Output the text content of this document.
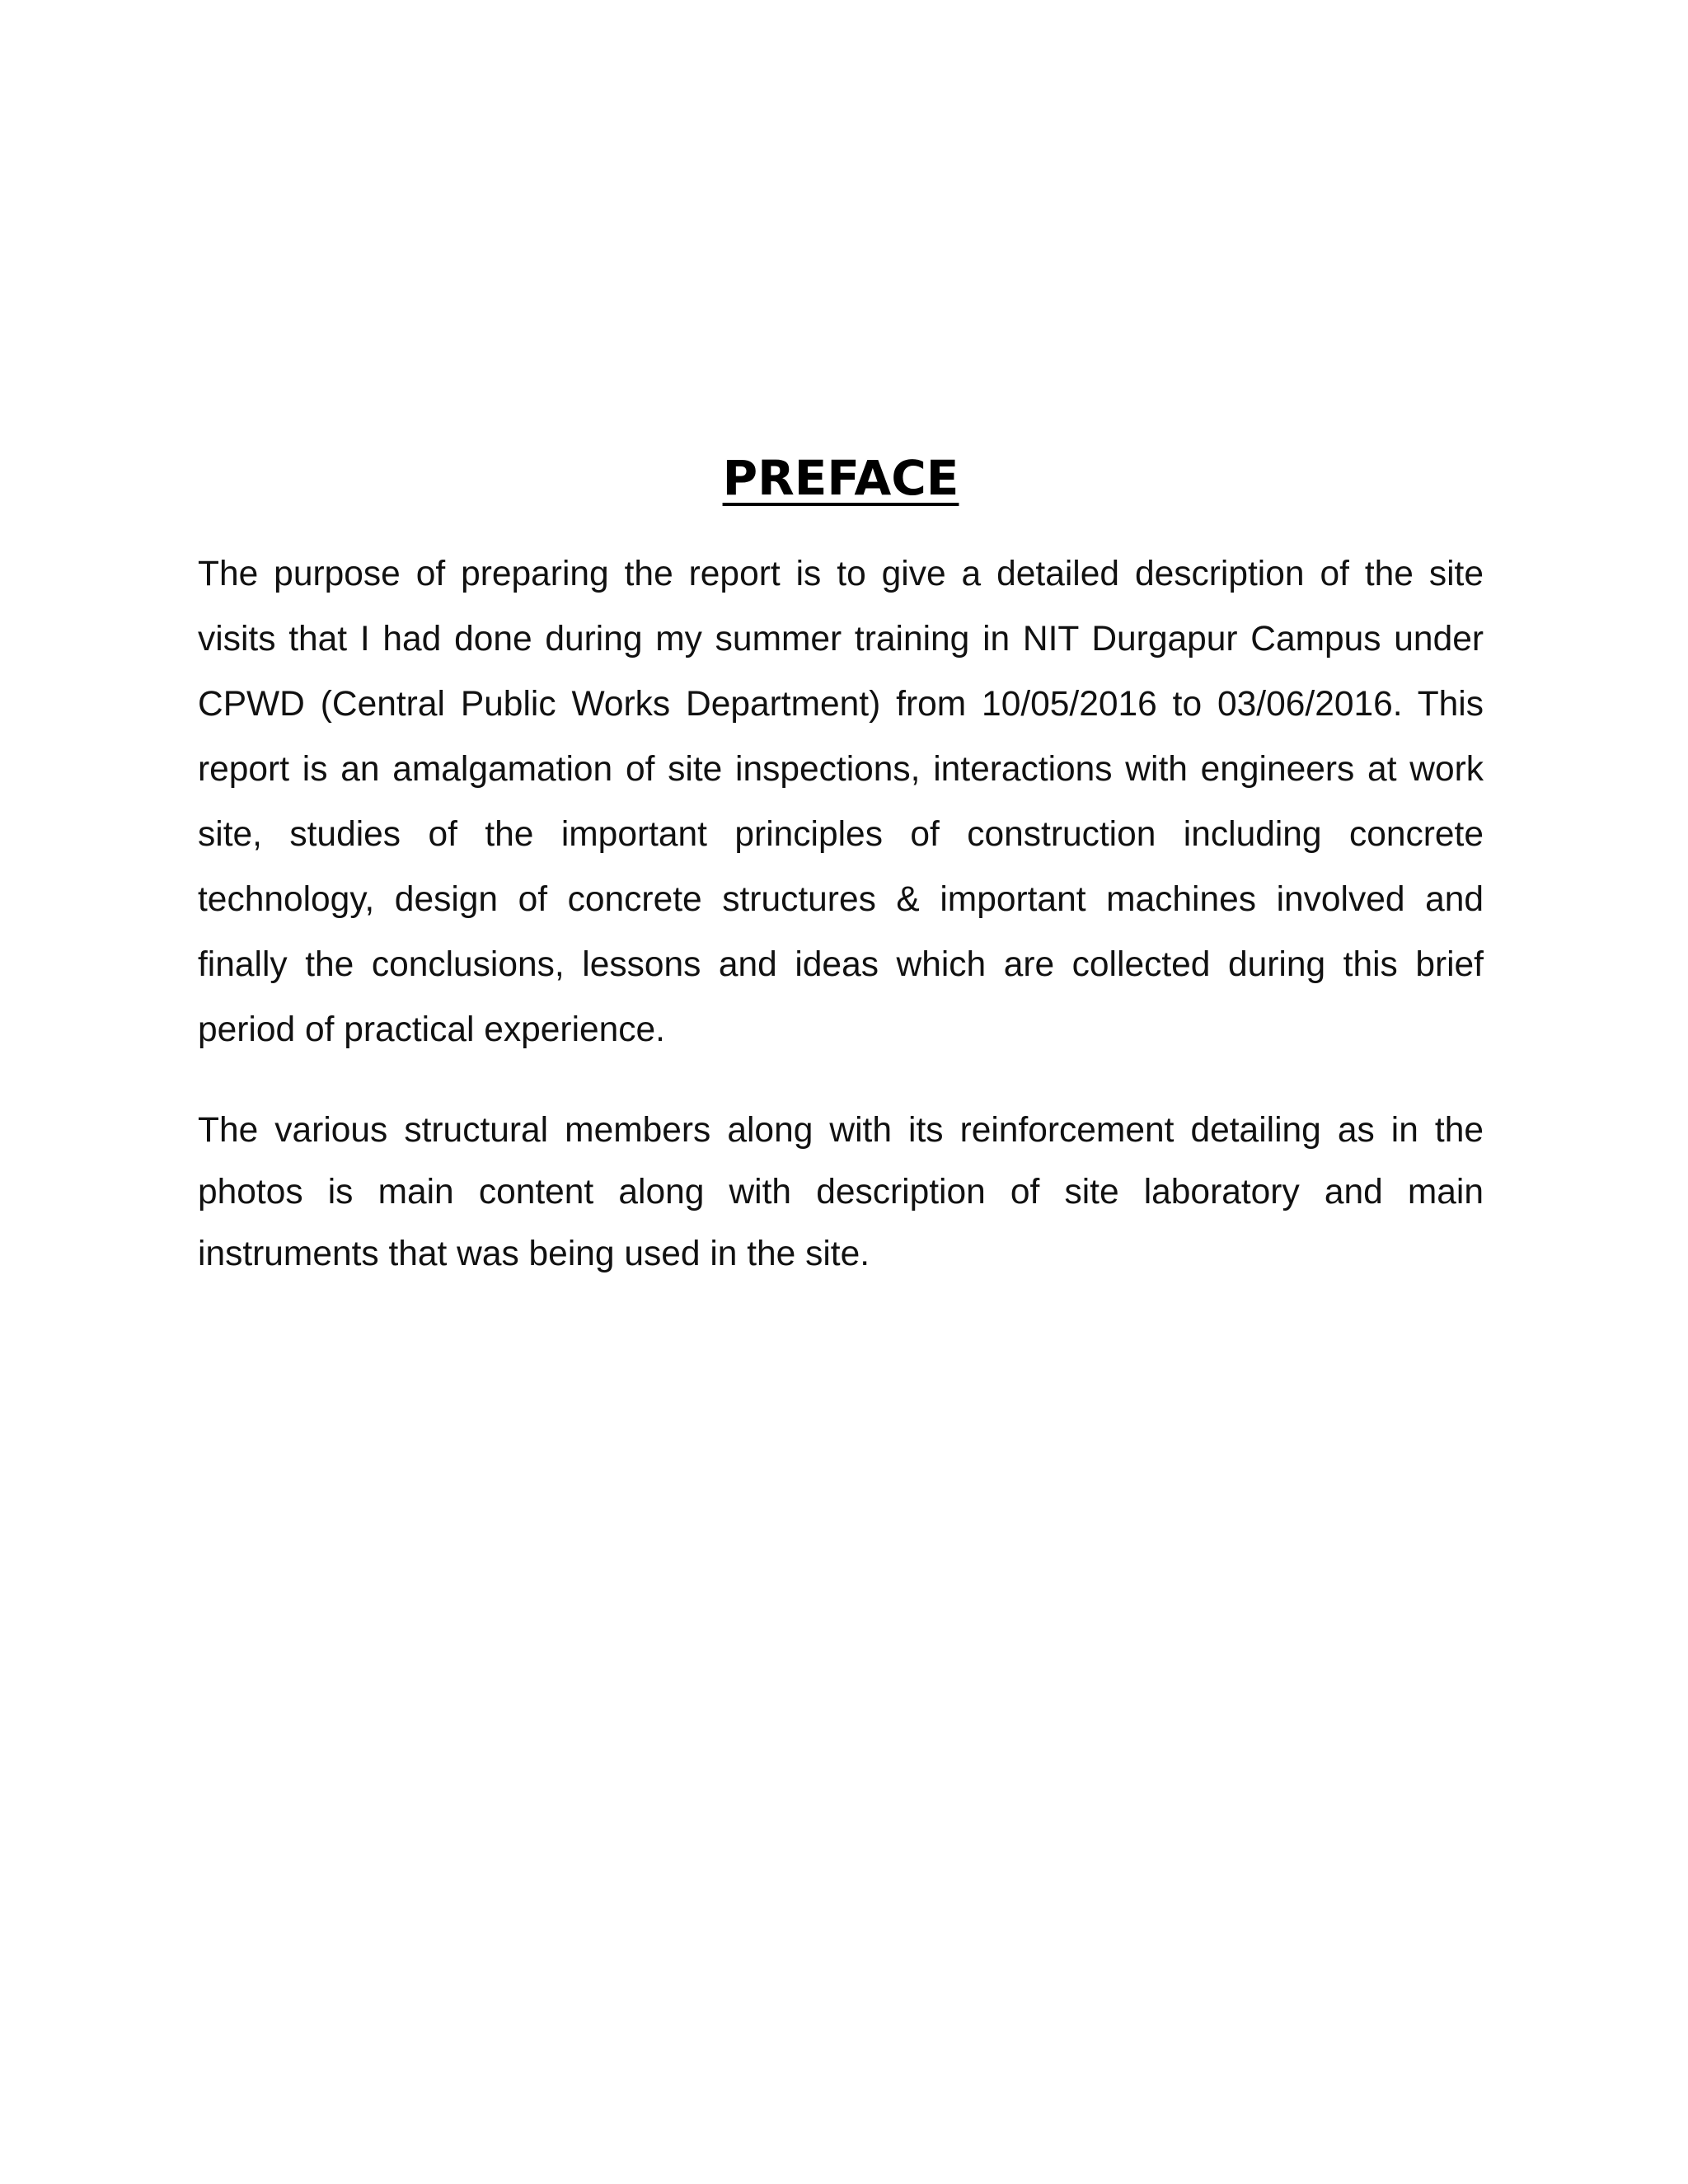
PREFACE

The purpose of preparing the report is to give a detailed description of the site visits that I had done during my summer training in NIT Durgapur Campus under CPWD (Central Public Works Department) from 10/05/2016 to 03/06/2016. This report is an amalgamation of site inspections, interactions with engineers at work site, studies of the important principles of construction including concrete technology, design of concrete structures & important machines involved and finally the conclusions, lessons and ideas which are collected during this brief period of practical experience.

The various structural members along with its reinforcement detailing as in the photos is main content along with description of site laboratory and main instruments that was being used in the site.
